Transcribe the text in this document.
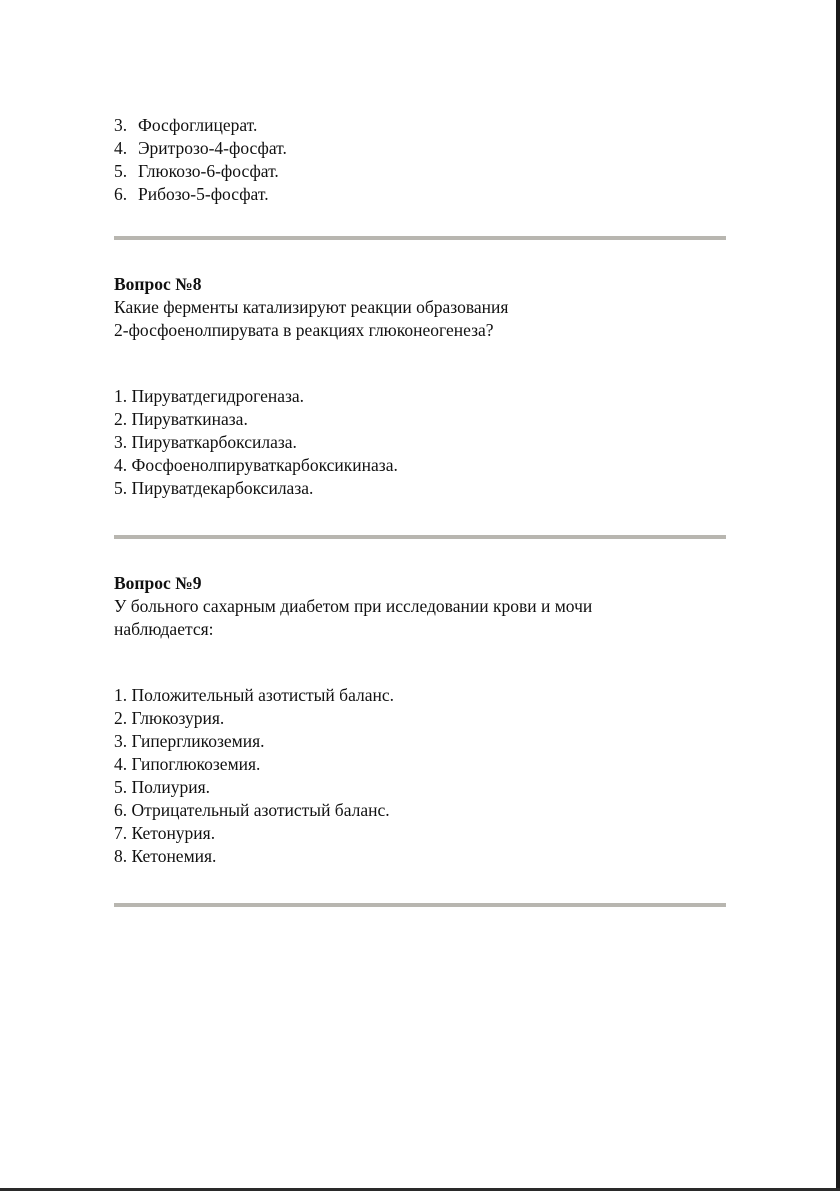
3. Фосфоглицерат.
4. Эритрозо-4-фосфат.
5. Глюкозо-6-фосфат.
6. Рибозо-5-фосфат.
Вопрос №8
Какие ферменты катализируют реакции образования
2-фосфоенолпирувата в реакциях глюконеогенеза?
1. Пируватдегидрогеназа.
2. Пируваткиназа.
3. Пируваткарбоксилаза.
4. Фосфоенолпируваткарбоксикиназа.
5. Пируватдекарбоксилаза.
Вопрос №9
У больного сахарным диабетом при исследовании крови и мочи
наблюдается:
1. Положительный азотистый баланс.
2. Глюкозурия.
3. Гипергликоземия.
4. Гипоглюкоземия.
5. Полиурия.
6. Отрицательный азотистый баланс.
7. Кетонурия.
8. Кетонемия.
